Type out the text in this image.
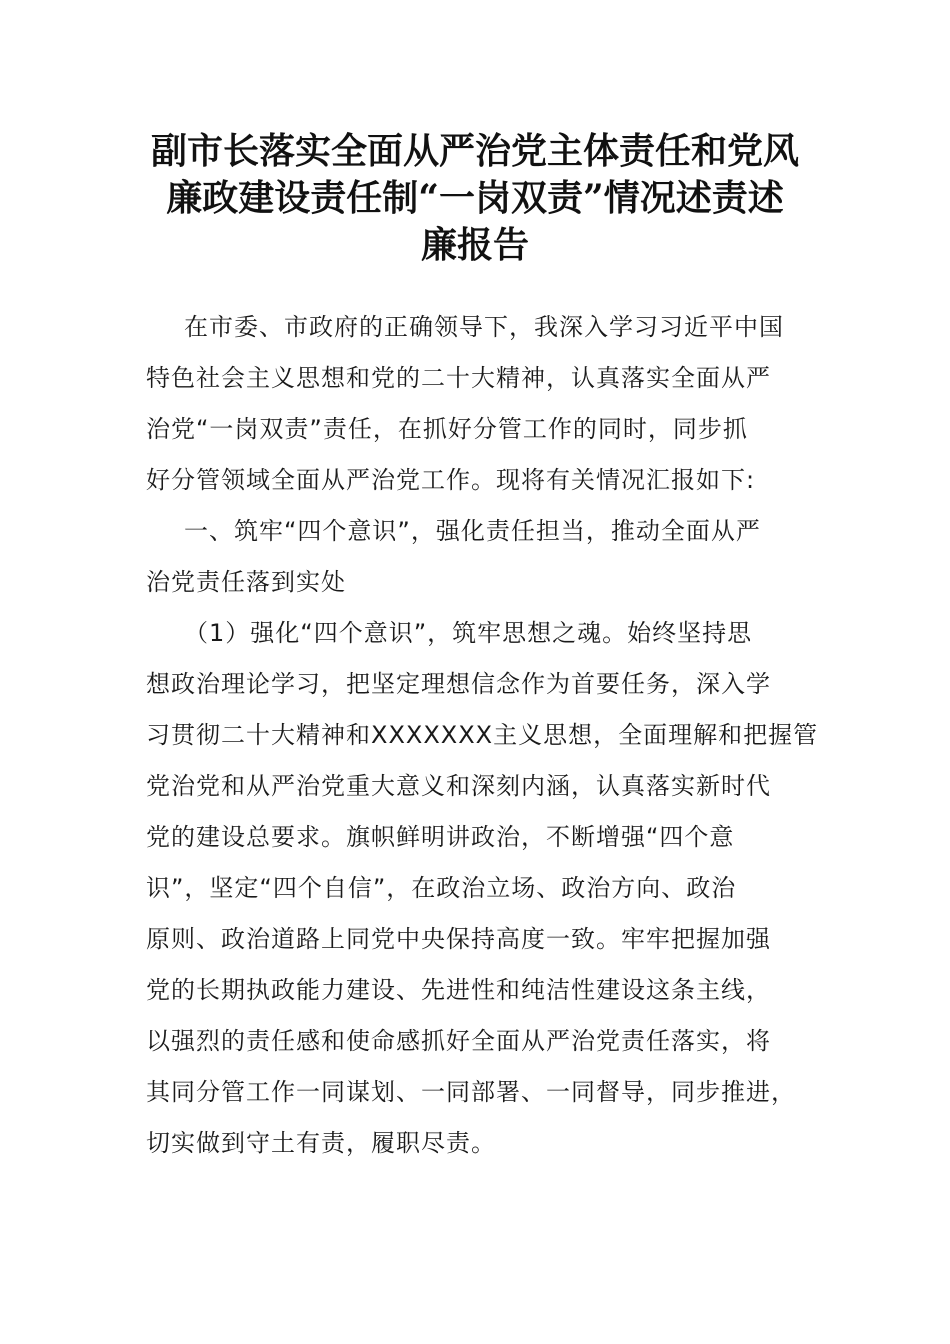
副市长落实全面从严治党主体责任和党风
廉政建设责任制“一岗双责”情况述责述
廉报告
在市委、市政府的正确领导下，我深入学习习近平中国
特色社会主义思想和党的二十大精神，认真落实全面从严
治党“一岗双责”责任，在抓好分管工作的同时，同步抓
好分管领域全面从严治党工作。现将有关情况汇报如下:
一、筑牢“四个意识”，强化责任担当，推动全面从严
治党责任落到实处
（1）强化“四个意识”，筑牢思想之魂。始终坚持思
想政治理论学习，把坚定理想信念作为首要任务，深入学
习贯彻二十大精神和XXXXXXX主义思想，全面理解和把握管
党治党和从严治党重大意义和深刻内涵，认真落实新时代
党的建设总要求。旗帜鲜明讲政治，不断增强“四个意
识”，坚定“四个自信”，在政治立场、政治方向、政治
原则、政治道路上同党中央保持高度一致。牢牢把握加强
党的长期执政能力建设、先进性和纯洁性建设这条主线，
以强烈的责任感和使命感抓好全面从严治党责任落实，将
其同分管工作一同谋划、一同部署、一同督导，同步推进，
切实做到守土有责，履职尽责。
